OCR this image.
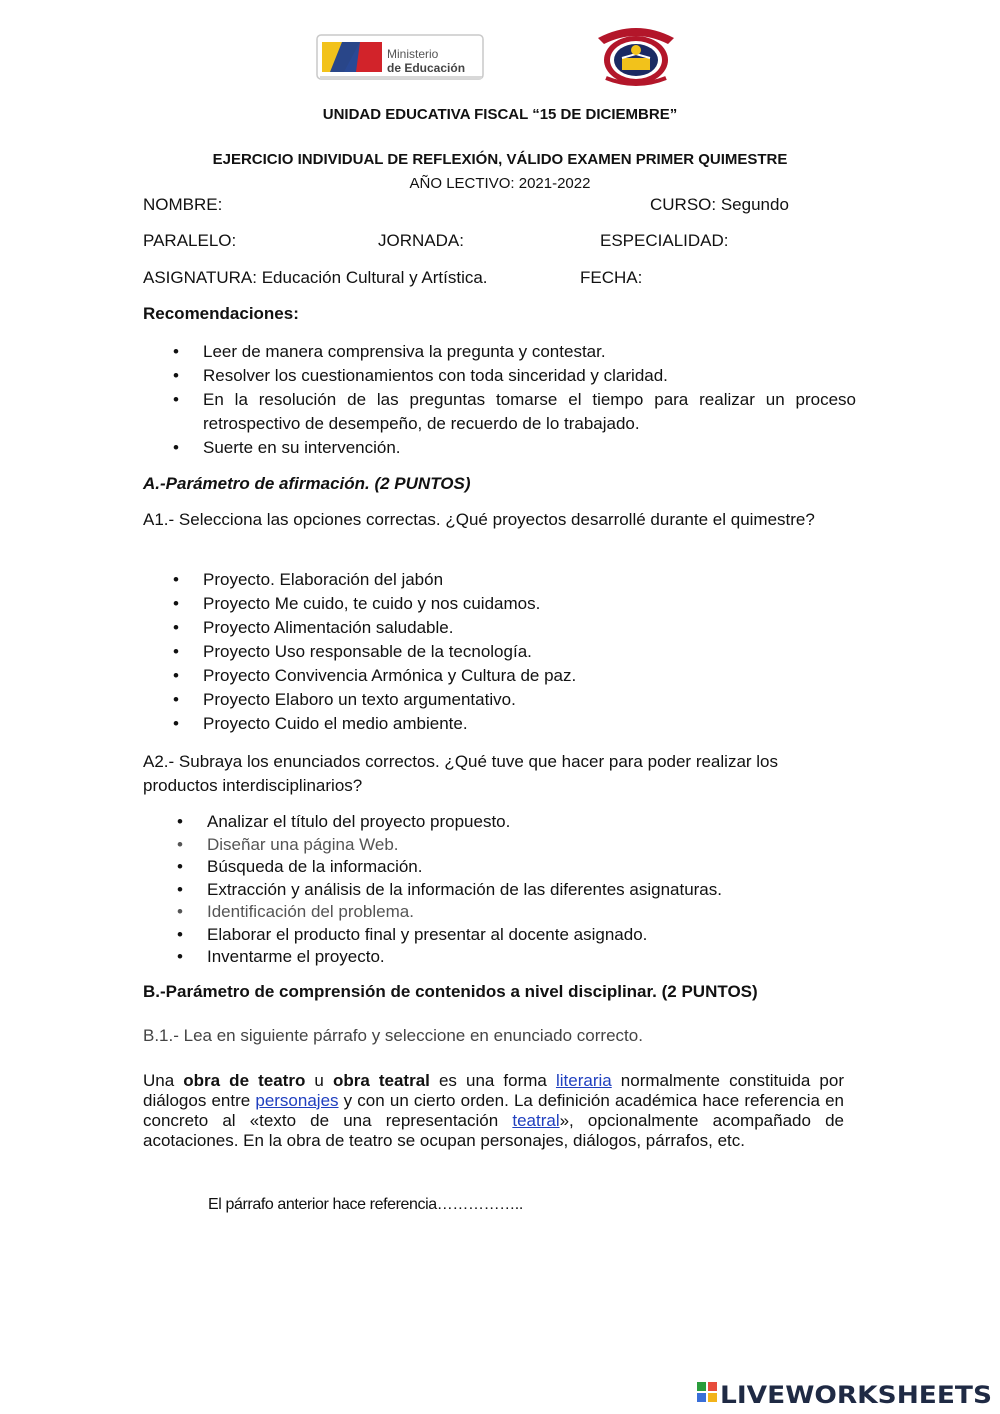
Ministerio
de Educación
UNIDAD EDUCATIVA FISCAL “15 DE DICIEMBRE”
EJERCICIO INDIVIDUAL DE REFLEXIÓN, VÁLIDO EXAMEN PRIMER QUIMESTRE
AÑO LECTIVO: 2021-2022
NOMBRE:	CURSO: Segundo
PARALELO:	JORNADA:	ESPECIALIDAD:
ASIGNATURA: Educación Cultural y Artística.	FECHA:
Recomendaciones:
• Leer de manera comprensiva la pregunta y contestar.
• Resolver los cuestionamientos con toda sinceridad y claridad.
• En la resolución de las preguntas tomarse el tiempo para realizar un proceso retrospectivo de desempeño, de recuerdo de lo trabajado.
• Suerte en su intervención.
A.-Parámetro de afirmación. (2 PUNTOS)
A1.- Selecciona las opciones correctas. ¿Qué proyectos desarrollé durante el quimestre?
• Proyecto. Elaboración del jabón
• Proyecto Me cuido, te cuido y nos cuidamos.
• Proyecto Alimentación saludable.
• Proyecto Uso responsable de la tecnología.
• Proyecto Convivencia Armónica y Cultura de paz.
• Proyecto Elaboro un texto argumentativo.
• Proyecto Cuido el medio ambiente.
A2.- Subraya los enunciados correctos. ¿Qué tuve que hacer para poder realizar los productos interdisciplinarios?
• Analizar el título del proyecto propuesto.
• Diseñar una página Web.
• Búsqueda de la información.
• Extracción y análisis de la información de las diferentes asignaturas.
• Identificación del problema.
• Elaborar el producto final y presentar al docente asignado.
• Inventarme el proyecto.
B.-Parámetro de comprensión de contenidos a nivel disciplinar. (2 PUNTOS)
B.1.- Lea en siguiente párrafo y seleccione en enunciado correcto.
Una obra de teatro u obra teatral es una forma literaria normalmente constituida por diálogos entre personajes y con un cierto orden. La definición académica hace referencia en concreto al «texto de una representación teatral», opcionalmente acompañado de acotaciones. En la obra de teatro se ocupan personajes, diálogos, párrafos, etc.
El párrafo anterior hace referencia……………..
LIVEWORKSHEETS
